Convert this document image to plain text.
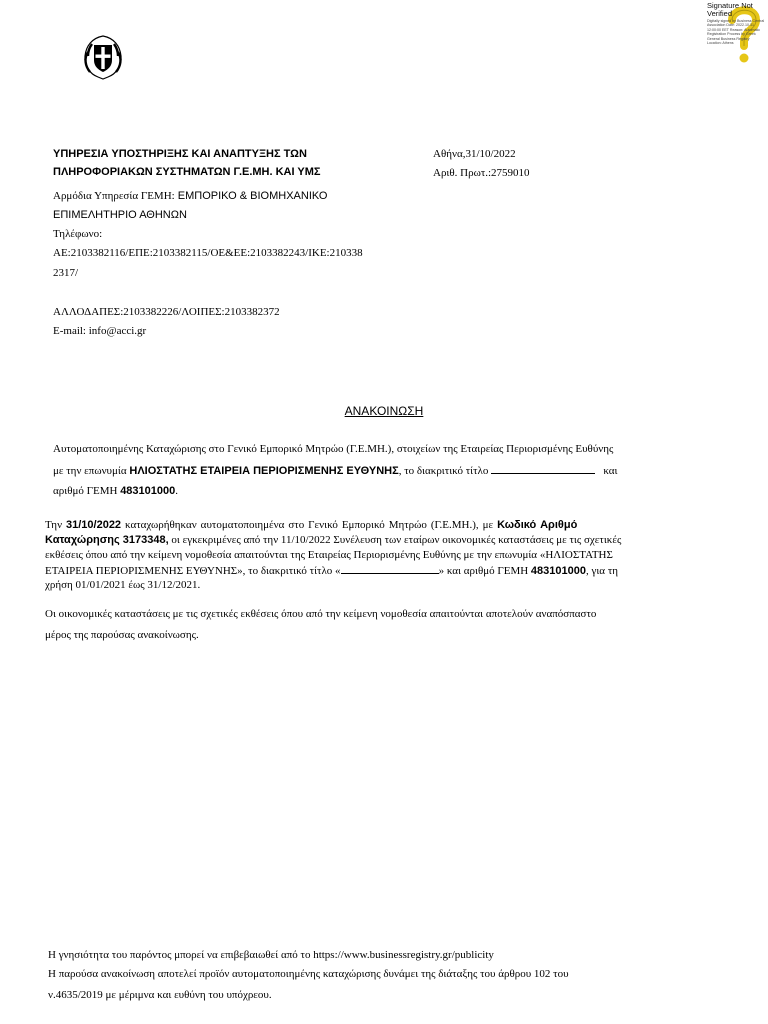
Signature Not Verified
Digitally signed by Business Central Association Date: 2022.10.31 12:00:00 EET Reason: Automatic Registration Process by Greek General Business Registry Location: Athens
ΥΠΗΡΕΣΙΑ ΥΠΟΣΤΗΡΙΞΗΣ ΚΑΙ ΑΝΑΠΤΥΞΗΣ ΤΩΝ
ΠΛΗΡΟΦΟΡΙΑΚΩΝ ΣΥΣΤΗΜΑΤΩΝ Γ.Ε.ΜΗ. ΚΑΙ ΥΜΣ
Αρμόδια Υπηρεσία ΓΕΜΗ: ΕΜΠΟΡΙΚΟ & ΒΙΟΜΗΧΑΝΙΚΟ
ΕΠΙΜΕΛΗΤΗΡΙΟ ΑΘΗΝΩΝ
Τηλέφωνο:
ΑΕ:2103382116/ΕΠΕ:2103382115/ΟΕ&ΕΕ:2103382243/ΙΚΕ:210338
2317/
ΑΛΛΟΔΑΠΕΣ:2103382226/ΛΟΙΠΕΣ:2103382372
E-mail: info@acci.gr
Αθήνα,31/10/2022
Αριθ. Πρωτ.:2759010
ΑΝΑΚΟΙΝΩΣΗ
Αυτοματοποιημένης Καταχώρισης στο Γενικό Εμπορικό Μητρώο (Γ.Ε.ΜΗ.), στοιχείων της Εταιρείας Περιορισμένης Ευθύνης
με την επωνυμία ΗΛΙΟΣΤΑΤΗΣ ΕΤΑΙΡΕΙΑ ΠΕΡΙΟΡΙΣΜΕΝΗΣ ΕΥΘΥΝΗΣ, το διακριτικό τίτλο	και
αριθμό ΓΕΜΗ 483101000.
Την 31/10/2022 καταχωρήθηκαν αυτοματοποιημένα στο Γενικό Εμπορικό Μητρώο (Γ.Ε.ΜΗ.), με Κωδικό Αριθμό
Καταχώρησης 3173348, οι εγκεκριμένες από την 11/10/2022 Συνέλευση των εταίρων οικονομικές καταστάσεις με τις σχετικές
εκθέσεις όπου από την κείμενη νομοθεσία απαιτούνται της Εταιρείας Περιορισμένης Ευθύνης με την επωνυμία «ΗΛΙΟΣΤΑΤΗΣ
ΕΤΑΙΡΕΙΑ ΠΕΡΙΟΡΙΣΜΕΝΗΣ ΕΥΘΥΝΗΣ», το διακριτικό τίτλο «	» και αριθμό ΓΕΜΗ 483101000, για τη
χρήση 01/01/2021 έως 31/12/2021.
Οι οικονομικές καταστάσεις με τις σχετικές εκθέσεις όπου από την κείμενη νομοθεσία απαιτούνται αποτελούν αναπόσπαστο
μέρος της παρούσας ανακοίνωσης.
Η γνησιότητα του παρόντος μπορεί να επιβεβαιωθεί από το https://www.businessregistry.gr/publicity
Η παρούσα ανακοίνωση αποτελεί προϊόν αυτοματοποιημένης καταχώρισης δυνάμει της διάταξης του άρθρου 102 του
ν.4635/2019 με μέριμνα και ευθύνη του υπόχρεου.
